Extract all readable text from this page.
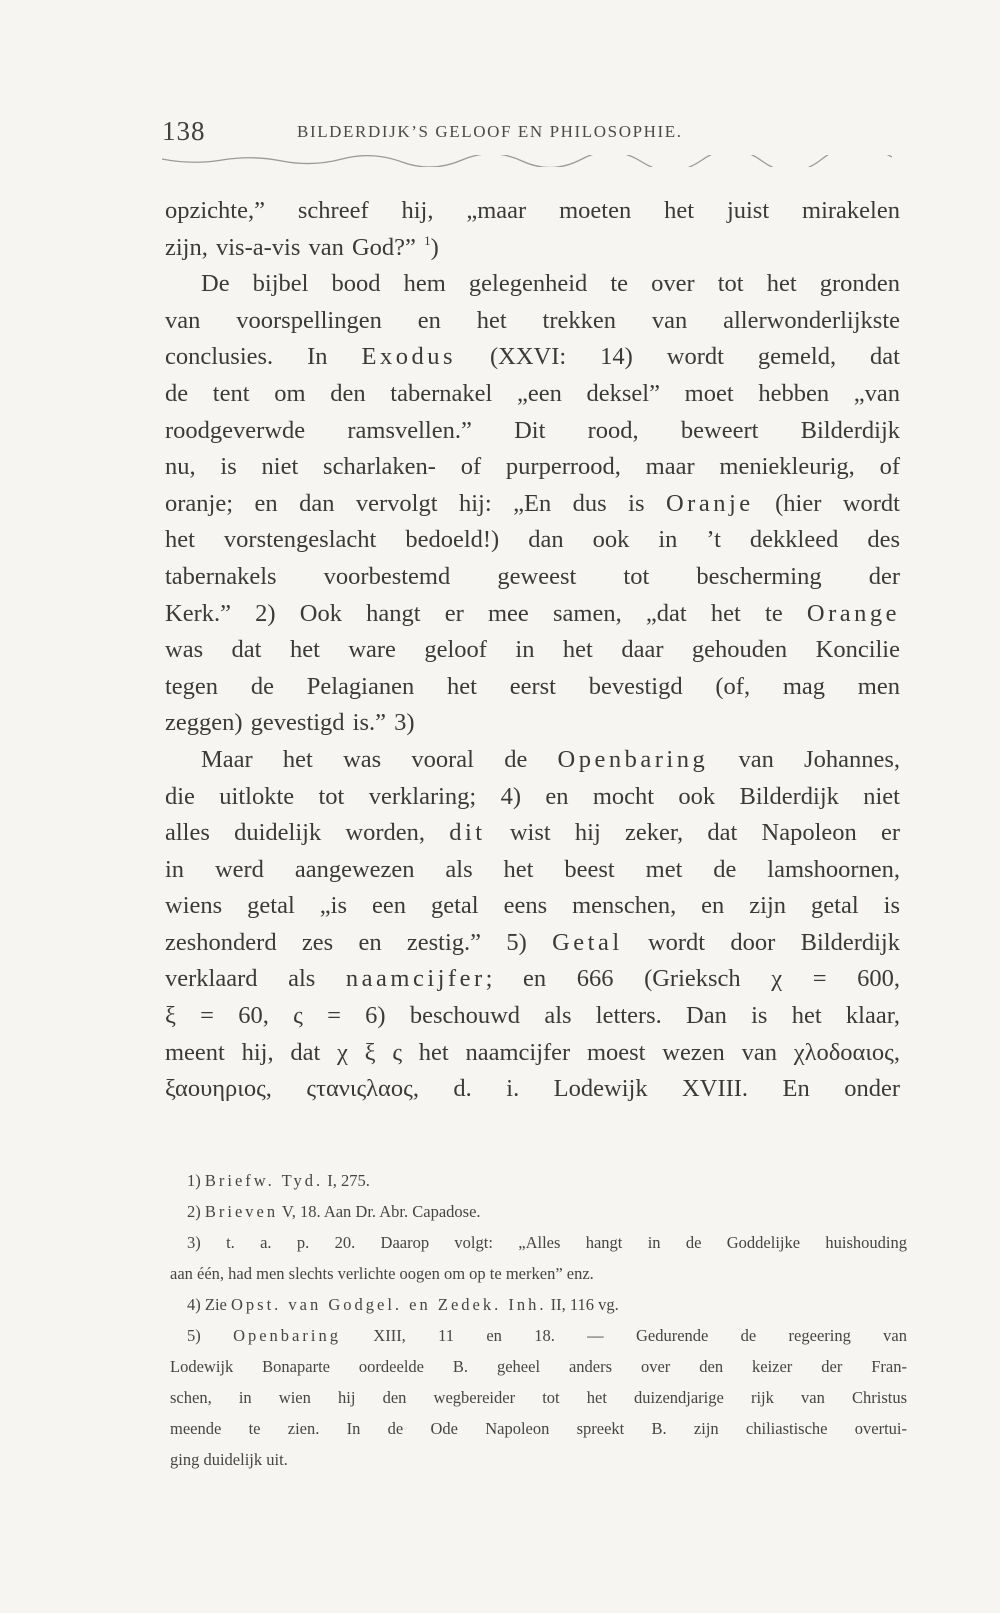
138	BILDERDIJK’S GELOOF EN PHILOSOPHIE.
opzichte,” schreef hij, „maar moeten het juist mirakelen
zijn, vis-a-vis van God?” $^1$)
De bijbel bood hem gelegenheid te over tot het gronden
van voorspellingen en het trekken van allerwonderlijkste
conclusies. In Exodus (XXVI: 14) wordt gemeld, dat
de tent om den tabernakel „een deksel” moet hebben „van
roodgeverwde ramsvellen.” Dit rood, beweert Bilderdijk
nu, is niet scharlaken- of purperrood, maar meniekleurig, of
oranje; en dan vervolgt hij: „En dus is Oranje (hier wordt
het vorstengeslacht bedoeld!) dan ook in ’t dekkleed des
tabernakels voorbestemd geweest tot bescherming der
Kerk.” 2) Ook hangt er mee samen, „dat het te Orange
was dat het ware geloof in het daar gehouden Koncilie
tegen de Pelagianen het eerst bevestigd (of, mag men
zeggen) gevestigd is.” 3)
Maar het was vooral de Openbaring van Johannes,
die uitlokte tot verklaring; 4) en mocht ook Bilderdijk niet
alles duidelijk worden, dit wist hij zeker, dat Napoleon er
in werd aangewezen als het beest met de lamshoornen,
wiens getal „is een getal eens menschen, en zijn getal is
zeshonderd zes en zestig.” 5) Getal wordt door Bilderdijk
verklaard als naamcijfer; en 666 (Grieksch χ = 600,
ξ = 60, ς = 6) beschouwd als letters. Dan is het klaar,
meent hij, dat χ ξ ς het naamcijfer moest wezen van χλοδοαιος,
ξαουηριος, ςτανιςλαος, d. i. Lodewijk XVIII. En onder
1) Briefw. Tyd. I, 275.
2) Brieven V, 18. Aan Dr. Abr. Capadose.
3) t. a. p. 20. Daarop volgt: „Alles hangt in de Goddelijke huishouding
aan één, had men slechts verlichte oogen om op te merken” enz.
4) Zie Opst. van Godgel. en Zedek. Inh. II, 116 vg.
5) Openbaring XIII, 11 en 18. — Gedurende de regeering van
Lodewijk Bonaparte oordeelde B. geheel anders over den keizer der Fran-
schen, in wien hij den wegbereider tot het duizendjarige rijk van Christus
meende te zien. In de Ode Napoleon spreekt B. zijn chiliastische overtui-
ging duidelijk uit.
